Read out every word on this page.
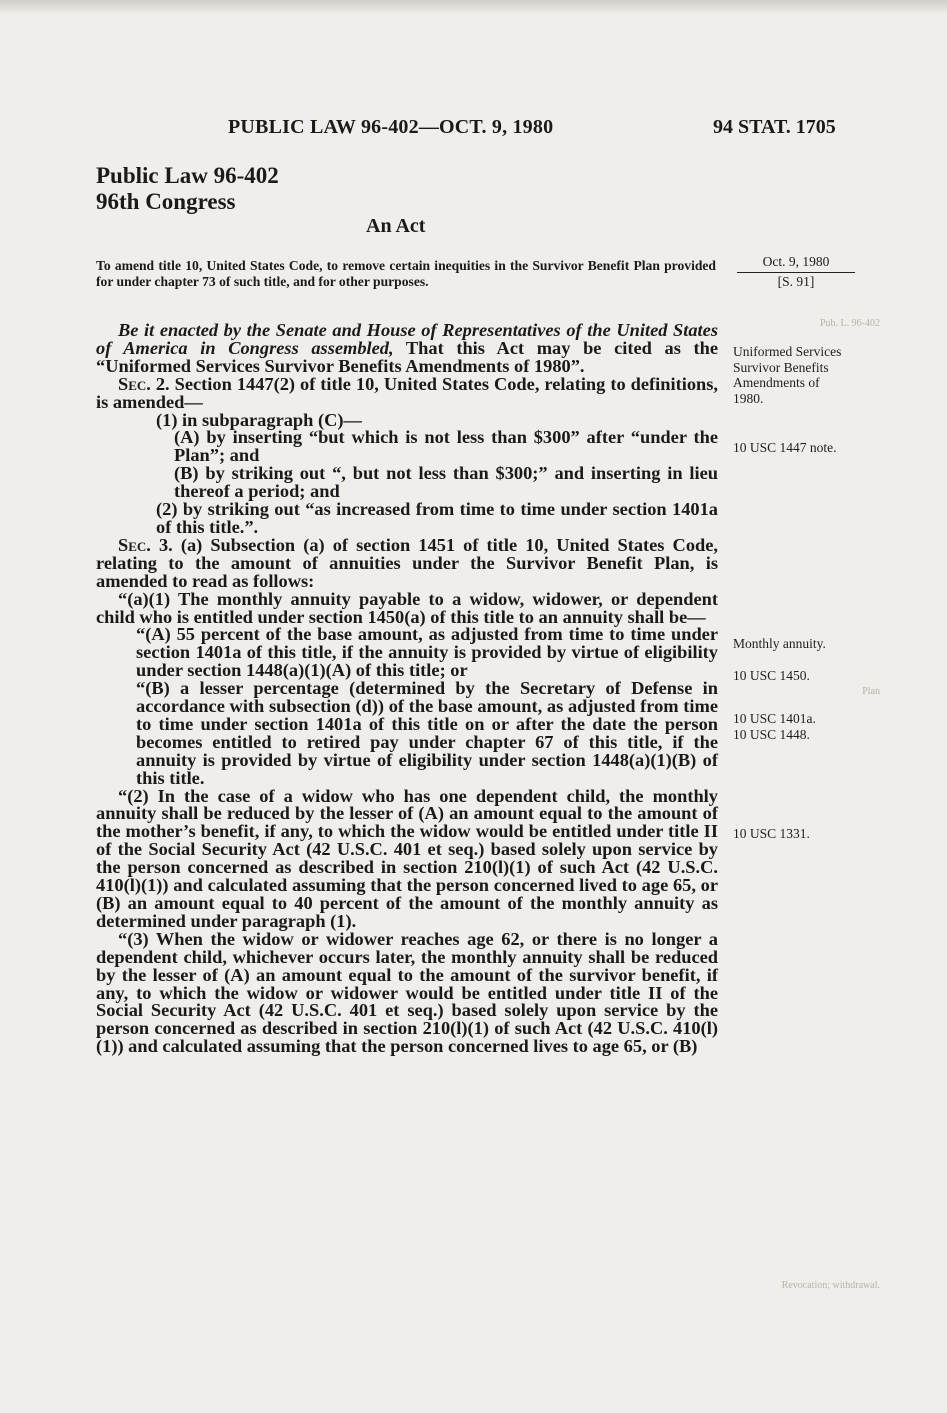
PUBLIC LAW 96-402—OCT. 9, 1980	94 STAT. 1705
Public Law 96-402
96th Congress
An Act
To amend title 10, United States Code, to remove certain inequities in the Survivor Benefit Plan provided for under chapter 73 of such title, and for other purposes.
Oct. 9, 1980
[S. 91]

Be it enacted by the Senate and House of Representatives of the United States of America in Congress assembled, That this Act may be cited as the “Uniformed Services Survivor Benefits Amendments of 1980”.

Sec. 2. Section 1447(2) of title 10, United States Code, relating to definitions, is amended—

(1) in subparagraph (C)—

(A) by inserting “but which is not less than $300” after “under the Plan”; and

(B) by striking out “, but not less than $300;” and inserting in lieu thereof a period; and

(2) by striking out “as increased from time to time under section 1401a of this title.”.

Sec. 3. (a) Subsection (a) of section 1451 of title 10, United States Code, relating to the amount of annuities under the Survivor Benefit Plan, is amended to read as follows:

“(a)(1) The monthly annuity payable to a widow, widower, or dependent child who is entitled under section 1450(a) of this title to an annuity shall be—

“(A) 55 percent of the base amount, as adjusted from time to time under section 1401a of this title, if the annuity is provided by virtue of eligibility under section 1448(a)(1)(A) of this title; or

“(B) a lesser percentage (determined by the Secretary of Defense in accordance with subsection (d)) of the base amount, as adjusted from time to time under section 1401a of this title on or after the date the person becomes entitled to retired pay under chapter 67 of this title, if the annuity is provided by virtue of eligibility under section 1448(a)(1)(B) of this title.

“(2) In the case of a widow who has one dependent child, the monthly annuity shall be reduced by the lesser of (A) an amount equal to the amount of the mother’s benefit, if any, to which the widow would be entitled under title II of the Social Security Act (42 U.S.C. 401 et seq.) based solely upon service by the person concerned as described in section 210(l)(1) of such Act (42 U.S.C. 410(l)(1)) and calculated assuming that the person concerned lived to age 65, or (B) an amount equal to 40 percent of the amount of the monthly annuity as determined under paragraph (1).

“(3) When the widow or widower reaches age 62, or there is no longer a dependent child, whichever occurs later, the monthly annuity shall be reduced by the lesser of (A) an amount equal to the amount of the survivor benefit, if any, to which the widow or widower would be entitled under title II of the Social Security Act (42 U.S.C. 401 et seq.) based solely upon service by the person concerned as described in section 210(l)(1) of such Act (42 U.S.C. 410(l)(1)) and calculated assuming that the person concerned lives to age 65, or (B)

Uniformed Services Survivor Benefits Amendments of 1980.
10 USC 1447 note.
Monthly annuity.
10 USC 1450.
10 USC 1401a.
10 USC 1448.
10 USC 1331.
Pub. L. 96-402
Plan
Revocation; withdrawal.
